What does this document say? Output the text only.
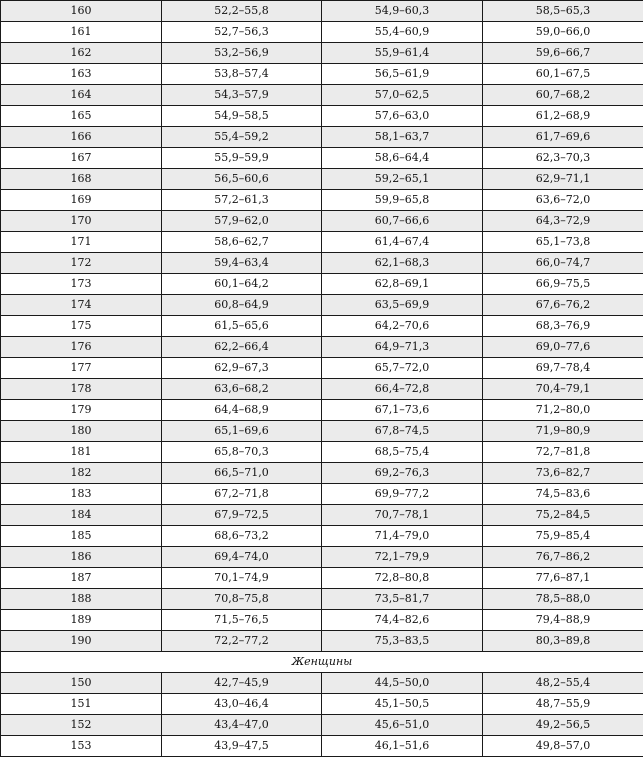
160	52,2–55,8	54,9–60,3	58,5–65,3
161	52,7–56,3	55,4–60,9	59,0–66,0
162	53,2–56,9	55,9–61,4	59,6–66,7
163	53,8–57,4	56,5–61,9	60,1–67,5
164	54,3–57,9	57,0–62,5	60,7–68,2
165	54,9–58,5	57,6–63,0	61,2–68,9
166	55,4–59,2	58,1–63,7	61,7–69,6
167	55,9–59,9	58,6–64,4	62,3–70,3
168	56,5–60,6	59,2–65,1	62,9–71,1
169	57,2–61,3	59,9–65,8	63,6–72,0
170	57,9–62,0	60,7–66,6	64,3–72,9
171	58,6–62,7	61,4–67,4	65,1–73,8
172	59,4–63,4	62,1–68,3	66,0–74,7
173	60,1–64,2	62,8–69,1	66,9–75,5
174	60,8–64,9	63,5–69,9	67,6–76,2
175	61,5–65,6	64,2–70,6	68,3–76,9
176	62,2–66,4	64,9–71,3	69,0–77,6
177	62,9–67,3	65,7–72,0	69,7–78,4
178	63,6–68,2	66,4–72,8	70,4–79,1
179	64,4–68,9	67,1–73,6	71,2–80,0
180	65,1–69,6	67,8–74,5	71,9–80,9
181	65,8–70,3	68,5–75,4	72,7–81,8
182	66,5–71,0	69,2–76,3	73,6–82,7
183	67,2–71,8	69,9–77,2	74,5–83,6
184	67,9–72,5	70,7–78,1	75,2–84,5
185	68,6–73,2	71,4–79,0	75,9–85,4
186	69,4–74,0	72,1–79,9	76,7–86,2
187	70,1–74,9	72,8–80,8	77,6–87,1
188	70,8–75,8	73,5–81,7	78,5–88,0
189	71,5–76,5	74,4–82,6	79,4–88,9
190	72,2–77,2	75,3–83,5	80,3–89,8
Женщины			
150	42,7–45,9	44,5–50,0	48,2–55,4
151	43,0–46,4	45,1–50,5	48,7–55,9
152	43,4–47,0	45,6–51,0	49,2–56,5
153	43,9–47,5	46,1–51,6	49,8–57,0
